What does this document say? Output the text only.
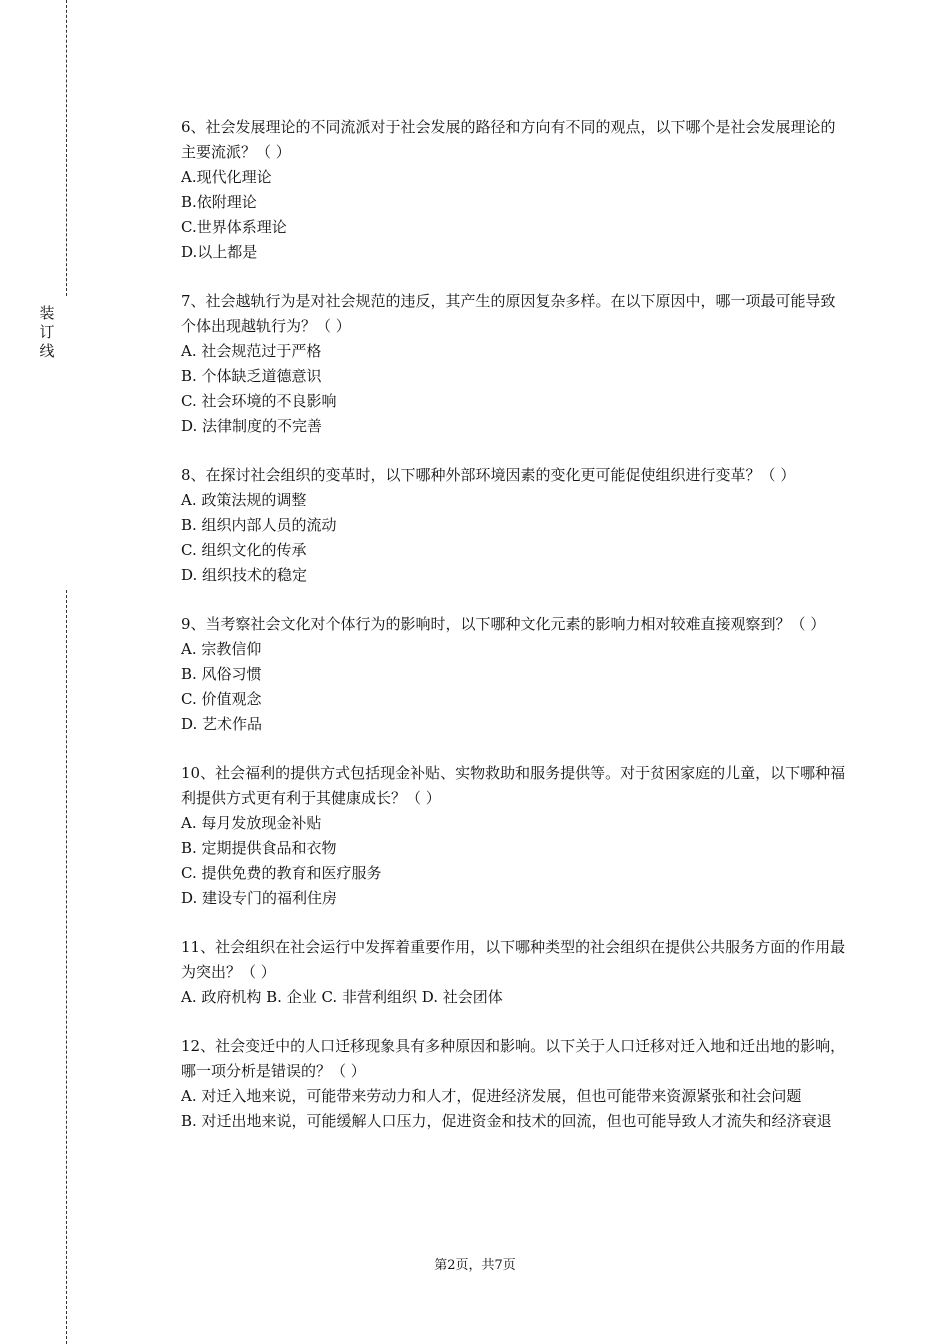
装
订
线

6、社会发展理论的不同流派对于社会发展的路径和方向有不同的观点，以下哪个是社会发展理论的主要流派？（ ）

A.现代化理论

B.依附理论

C.世界体系理论

D.以上都是

7、社会越轨行为是对社会规范的违反，其产生的原因复杂多样。在以下原因中，哪一项最可能导致个体出现越轨行为？（ ）

A. 社会规范过于严格

B. 个体缺乏道德意识

C. 社会环境的不良影响

D. 法律制度的不完善

8、在探讨社会组织的变革时，以下哪种外部环境因素的变化更可能促使组织进行变革？（ ）

A. 政策法规的调整

B. 组织内部人员的流动

C. 组织文化的传承

D. 组织技术的稳定

9、当考察社会文化对个体行为的影响时，以下哪种文化元素的影响力相对较难直接观察到？（ ）

A. 宗教信仰

B. 风俗习惯

C. 价值观念

D. 艺术作品

10、社会福利的提供方式包括现金补贴、实物救助和服务提供等。对于贫困家庭的儿童，以下哪种福利提供方式更有利于其健康成长？（ ）

A. 每月发放现金补贴

B. 定期提供食品和衣物

C. 提供免费的教育和医疗服务

D. 建设专门的福利住房

11、社会组织在社会运行中发挥着重要作用，以下哪种类型的社会组织在提供公共服务方面的作用最为突出？（ ）

A. 政府机构 B. 企业 C. 非营利组织 D. 社会团体

12、社会变迁中的人口迁移现象具有多种原因和影响。以下关于人口迁移对迁入地和迁出地的影响，哪一项分析是错误的？（ ）

A. 对迁入地来说，可能带来劳动力和人才，促进经济发展，但也可能带来资源紧张和社会问题

B. 对迁出地来说，可能缓解人口压力，促进资金和技术的回流，但也可能导致人才流失和经济衰退

第2页，共7页
